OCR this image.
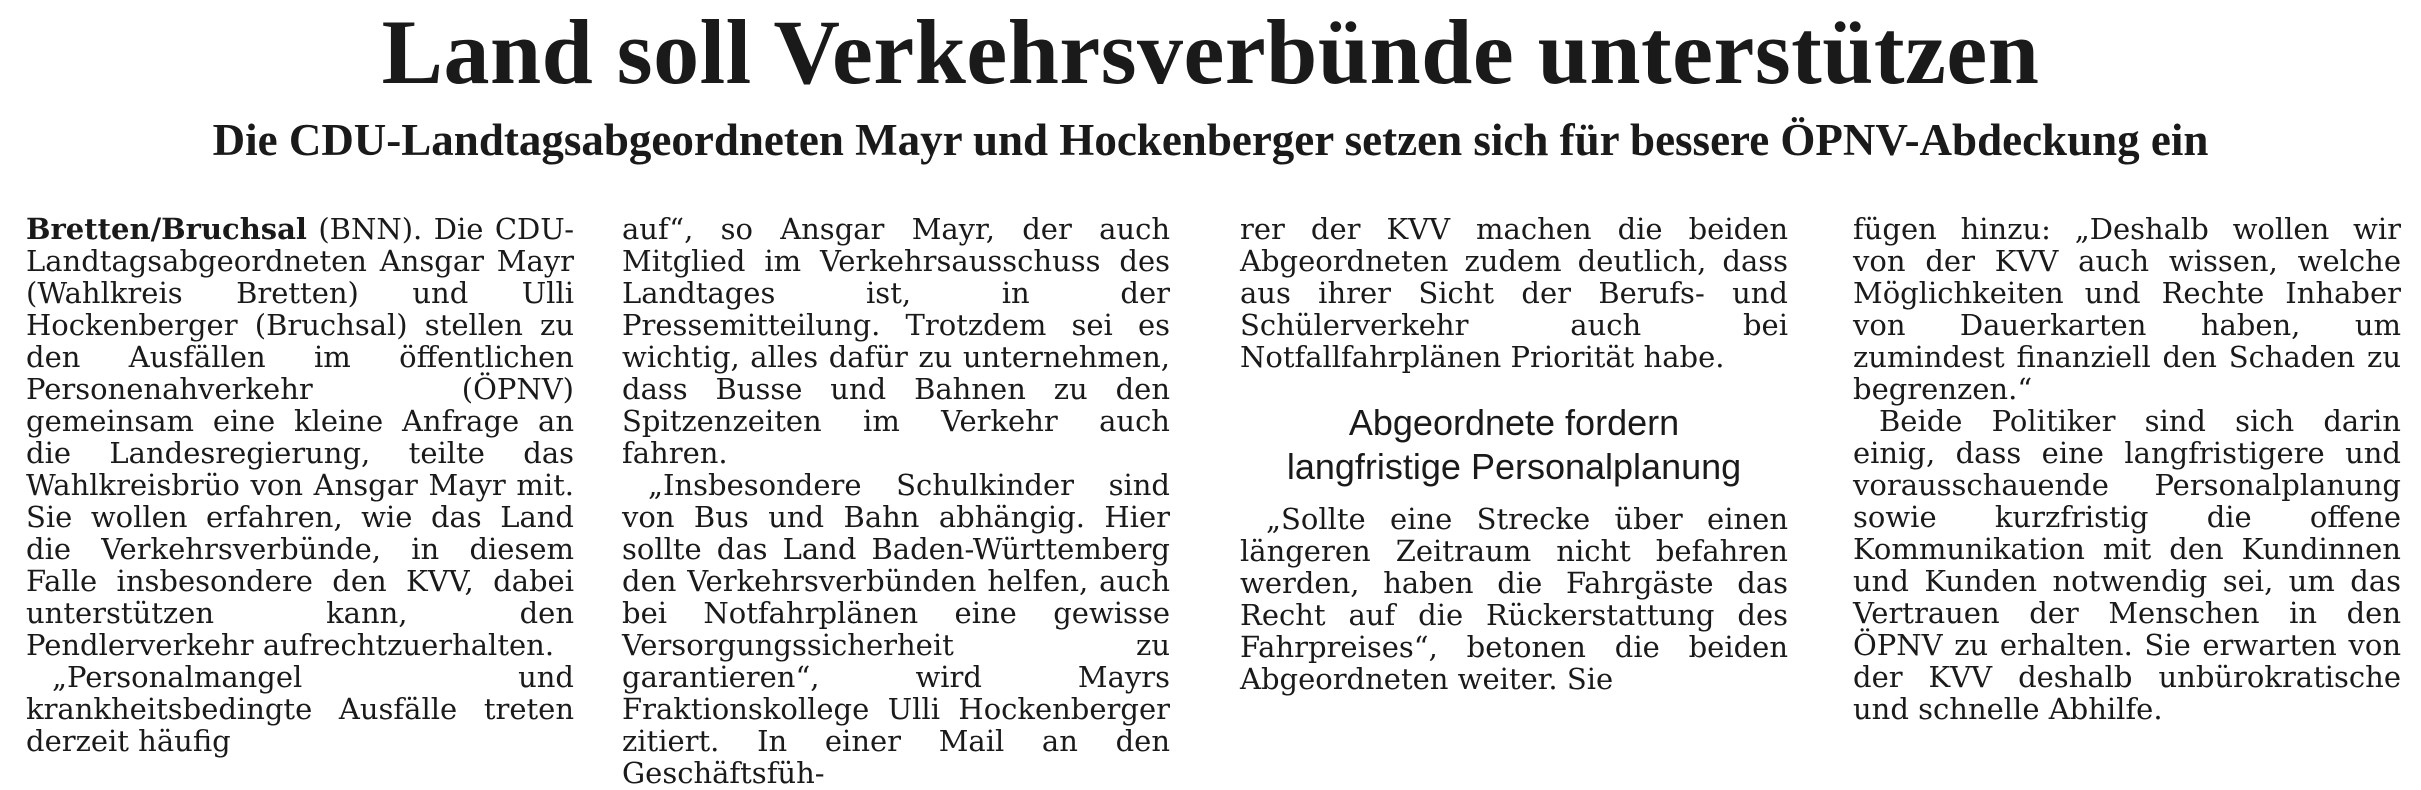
Land soll Verkehrsverbünde unterstützen
Die CDU-Landtagsabgeordneten Mayr und Hockenberger setzen sich für bessere ÖPNV-Abdeckung ein

Bretten/Bruchsal (BNN). Die CDU-Landtagsabgeordneten Ansgar Mayr (Wahlkreis Bretten) und Ulli Hockenberger (Bruchsal) stellen zu den Ausfällen im öffentlichen Personenahverkehr (ÖPNV) gemeinsam eine kleine Anfrage an die Landesregierung, teilte das Wahlkreisbrüo von Ansgar Mayr mit. Sie wollen erfahren, wie das Land die Verkehrsverbünde, in diesem Falle insbesondere den KVV, dabei unterstützen kann, den Pendlerverkehr aufrechtzuerhalten.

„Personalmangel und krankheitsbedingte Ausfälle treten derzeit häufig

auf“, so Ansgar Mayr, der auch Mitglied im Verkehrsausschuss des Landtages ist, in der Pressemitteilung. Trotzdem sei es wichtig, alles dafür zu unternehmen, dass Busse und Bahnen zu den Spitzenzeiten im Verkehr auch fahren.

„Insbesondere Schulkinder sind von Bus und Bahn abhängig. Hier sollte das Land Baden-Württemberg den Verkehrsverbünden helfen, auch bei Notfahrplänen eine gewisse Versorgungssicherheit zu garantieren“, wird Mayrs Fraktionskollege Ulli Hockenberger zitiert. In einer Mail an den Geschäftsfüh-

rer der KVV machen die beiden Abgeordneten zudem deutlich, dass aus ihrer Sicht der Berufs- und Schülerverkehr auch bei Notfallfahrplänen Priorität habe.

Abgeordnete fordern
langfristige Personalplanung

„Sollte eine Strecke über einen längeren Zeitraum nicht befahren werden, haben die Fahrgäste das Recht auf die Rückerstattung des Fahrpreises“, betonen die beiden Abgeordneten weiter. Sie

fügen hinzu: „Deshalb wollen wir von der KVV auch wissen, welche Möglichkeiten und Rechte Inhaber von Dauerkarten haben, um zumindest finanziell den Schaden zu begrenzen.“

Beide Politiker sind sich darin einig, dass eine langfristigere und vorausschauende Personalplanung sowie kurzfristig die offene Kommunikation mit den Kundinnen und Kunden notwendig sei, um das Vertrauen der Menschen in den ÖPNV zu erhalten. Sie erwarten von der KVV deshalb unbürokratische und schnelle Abhilfe.
